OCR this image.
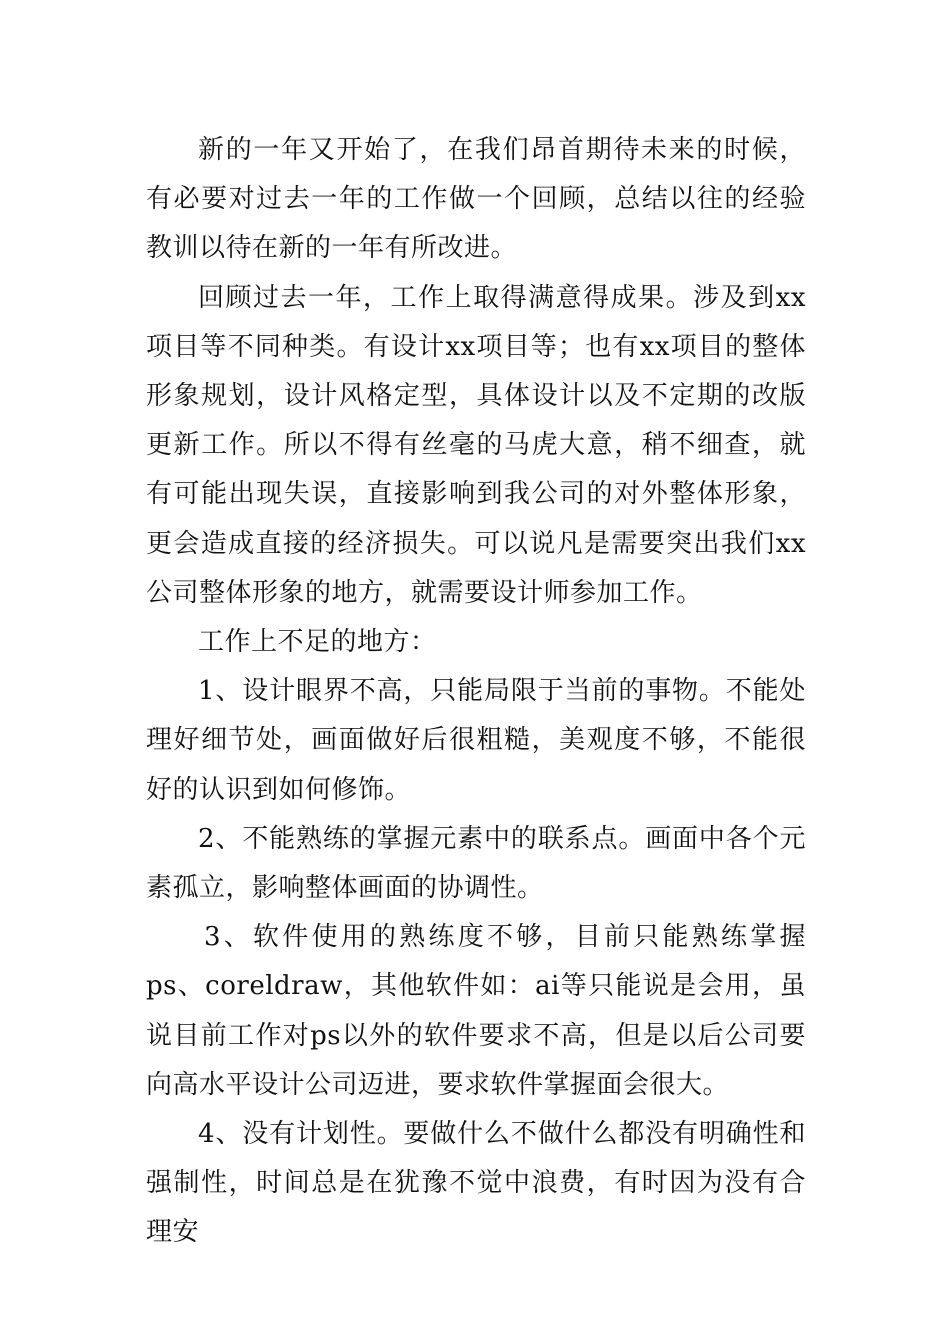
新的一年又开始了，在我们昂首期待未来的时候，有必要对过去一年的工作做一个回顾，总结以往的经验教训以待在新的一年有所改进。

回顾过去一年，工作上取得满意得成果。涉及到xx项目等不同种类。有设计xx项目等；也有xx项目的整体形象规划，设计风格定型，具体设计以及不定期的改版更新工作。所以不得有丝毫的马虎大意，稍不细查，就有可能出现失误，直接影响到我公司的对外整体形象，更会造成直接的经济损失。可以说凡是需要突出我们xx公司整体形象的地方，就需要设计师参加工作。

工作上不足的地方：

1、设计眼界不高，只能局限于当前的事物。不能处理好细节处，画面做好后很粗糙，美观度不够，不能很好的认识到如何修饰。

2、不能熟练的掌握元素中的联系点。画面中各个元素孤立，影响整体画面的协调性。

3、软件使用的熟练度不够，目前只能熟练掌握ps、coreldraw，其他软件如：ai等只能说是会用，虽说目前工作对ps以外的软件要求不高，但是以后公司要向高水平设计公司迈进，要求软件掌握面会很大。

4、没有计划性。要做什么不做什么都没有明确性和强制性，时间总是在犹豫不觉中浪费，有时因为没有合理安
